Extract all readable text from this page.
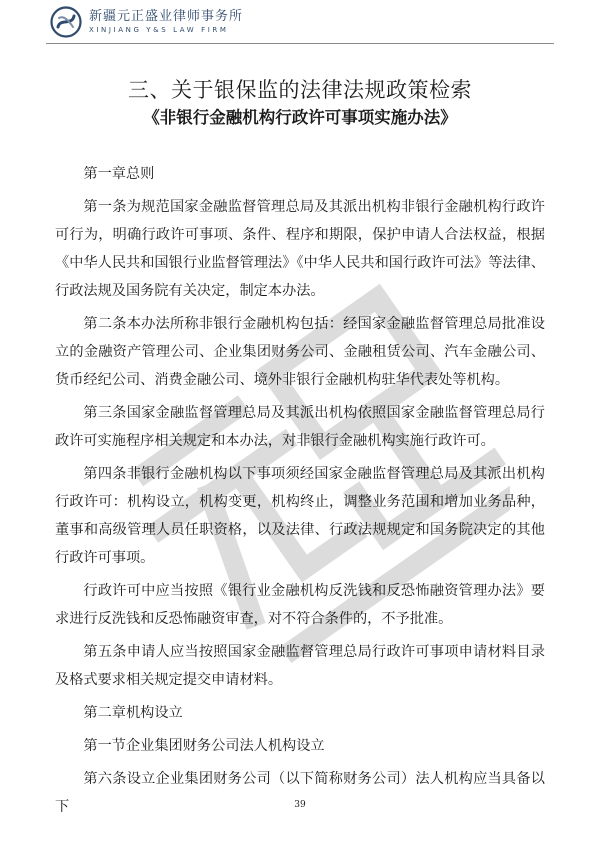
新疆元正盛业律师事务所
XINJIANG Y&S LAW FIRM
三、关于银保监的法律法规政策检索
《非银行金融机构行政许可事项实施办法》

第一章总则

第一条为规范国家金融监督管理总局及其派出机构非银行金融机构行政许可行为，明确行政许可事项、条件、程序和期限，保护申请人合法权益，根据《中华人民共和国银行业监督管理法》《中华人民共和国行政许可法》等法律、行政法规及国务院有关决定，制定本办法。

第二条本办法所称非银行金融机构包括：经国家金融监督管理总局批准设立的金融资产管理公司、企业集团财务公司、金融租赁公司、汽车金融公司、货币经纪公司、消费金融公司、境外非银行金融机构驻华代表处等机构。

第三条国家金融监督管理总局及其派出机构依照国家金融监督管理总局行政许可实施程序相关规定和本办法，对非银行金融机构实施行政许可。

第四条非银行金融机构以下事项须经国家金融监督管理总局及其派出机构行政许可：机构设立，机构变更，机构终止，调整业务范围和增加业务品种，董事和高级管理人员任职资格，以及法律、行政法规规定和国务院决定的其他行政许可事项。

行政许可中应当按照《银行业金融机构反洗钱和反恐怖融资管理办法》要求进行反洗钱和反恐怖融资审查，对不符合条件的，不予批准。

第五条申请人应当按照国家金融监督管理总局行政许可事项申请材料目录及格式要求相关规定提交申请材料。

第二章机构设立

第一节企业集团财务公司法人机构设立

第六条设立企业集团财务公司（以下简称财务公司）法人机构应当具备以下	39
